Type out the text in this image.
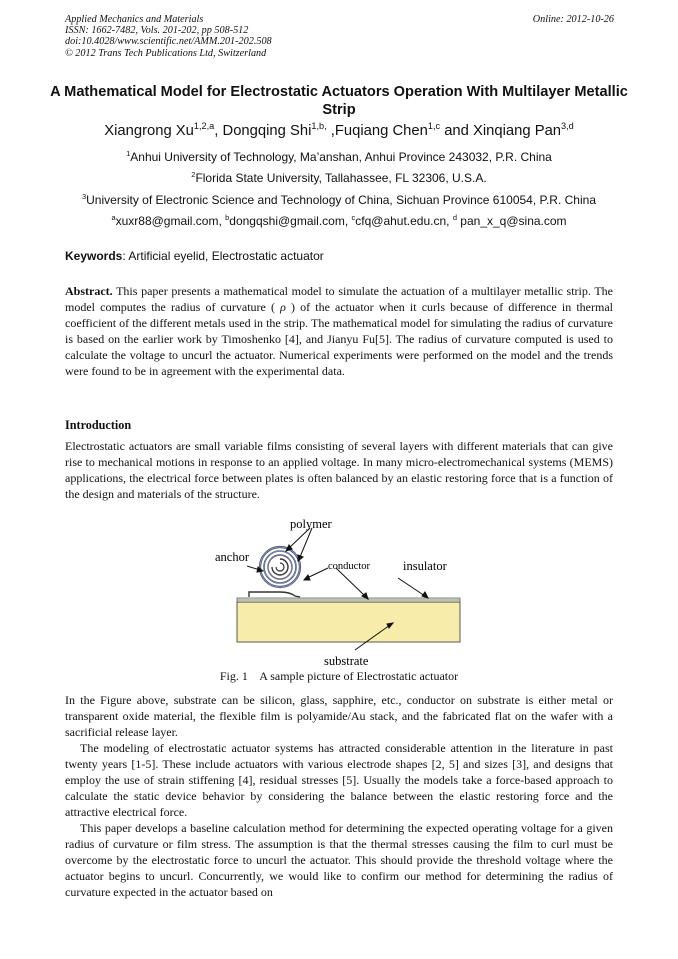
Applied Mechanics and Materials
ISSN: 1662-7482, Vols. 201-202, pp 508-512
doi:10.4028/www.scientific.net/AMM.201-202.508
© 2012 Trans Tech Publications Ltd, Switzerland
Online: 2012-10-26
A Mathematical Model for Electrostatic Actuators Operation With Multilayer Metallic Strip
Xiangrong Xu$^{1,2,a}$, Dongqing Shi$^{1,b,}$ ,Fuqiang Chen$^{1,c}$ and Xinqiang Pan$^{3,d}$
$^1$Anhui University of Technology, Ma’anshan, Anhui Province 243032, P.R. China
$^2$Florida State University, Tallahassee, FL 32306, U.S.A.
$^3$University of Electronic Science and Technology of China, Sichuan Province 610054, P.R. China
$^a$xuxr88@gmail.com, $^b$dongqshi@gmail.com, $^c$cfq@ahut.edu.cn, $^d$ pan_x_q@sina.com
Keywords: Artificial eyelid, Electrostatic actuator
Abstract. This paper presents a mathematical model to simulate the actuation of a multilayer metallic strip. The model computes the radius of curvature ( ρ ) of the actuator when it curls because of difference in thermal coefficient of the different metals used in the strip. The mathematical model for simulating the radius of curvature is based on the earlier work by Timoshenko [4], and Jianyu Fu[5]. The radius of curvature computed is used to calculate the voltage to uncurl the actuator. Numerical experiments were performed on the model and the trends were found to be in agreement with the experimental data.
Introduction
Electrostatic actuators are small variable films consisting of several layers with different materials that can give rise to mechanical motions in response to an applied voltage. In many micro-electromechanical systems (MEMS) applications, the electrical force between plates is often balanced by an elastic restoring force that is a function of the design and materials of the structure.
polymer
anchor
conductor	insulator
substrate
Fig. 1    A sample picture of Electrostatic actuator
In the Figure above, substrate can be silicon, glass, sapphire, etc., conductor on substrate is either metal or transparent oxide material, the flexible film is polyamide/Au stack, and the fabricated flat on the wafer with a sacrificial release layer.
The modeling of electrostatic actuator systems has attracted considerable attention in the literature in past twenty years [1-5]. These include actuators with various electrode shapes [2, 5] and sizes [3], and designs that employ the use of strain stiffening [4], residual stresses [5]. Usually the models take a force-based approach to calculate the static device behavior by considering the balance between the elastic restoring force and the attractive electrical force.
This paper develops a baseline calculation method for determining the expected operating voltage for a given radius of curvature or film stress. The assumption is that the thermal stresses causing the film to curl must be overcome by the electrostatic force to uncurl the actuator. This should provide the threshold voltage where the actuator begins to uncurl. Concurrently, we would like to confirm our method for determining the radius of curvature expected in the actuator based on
